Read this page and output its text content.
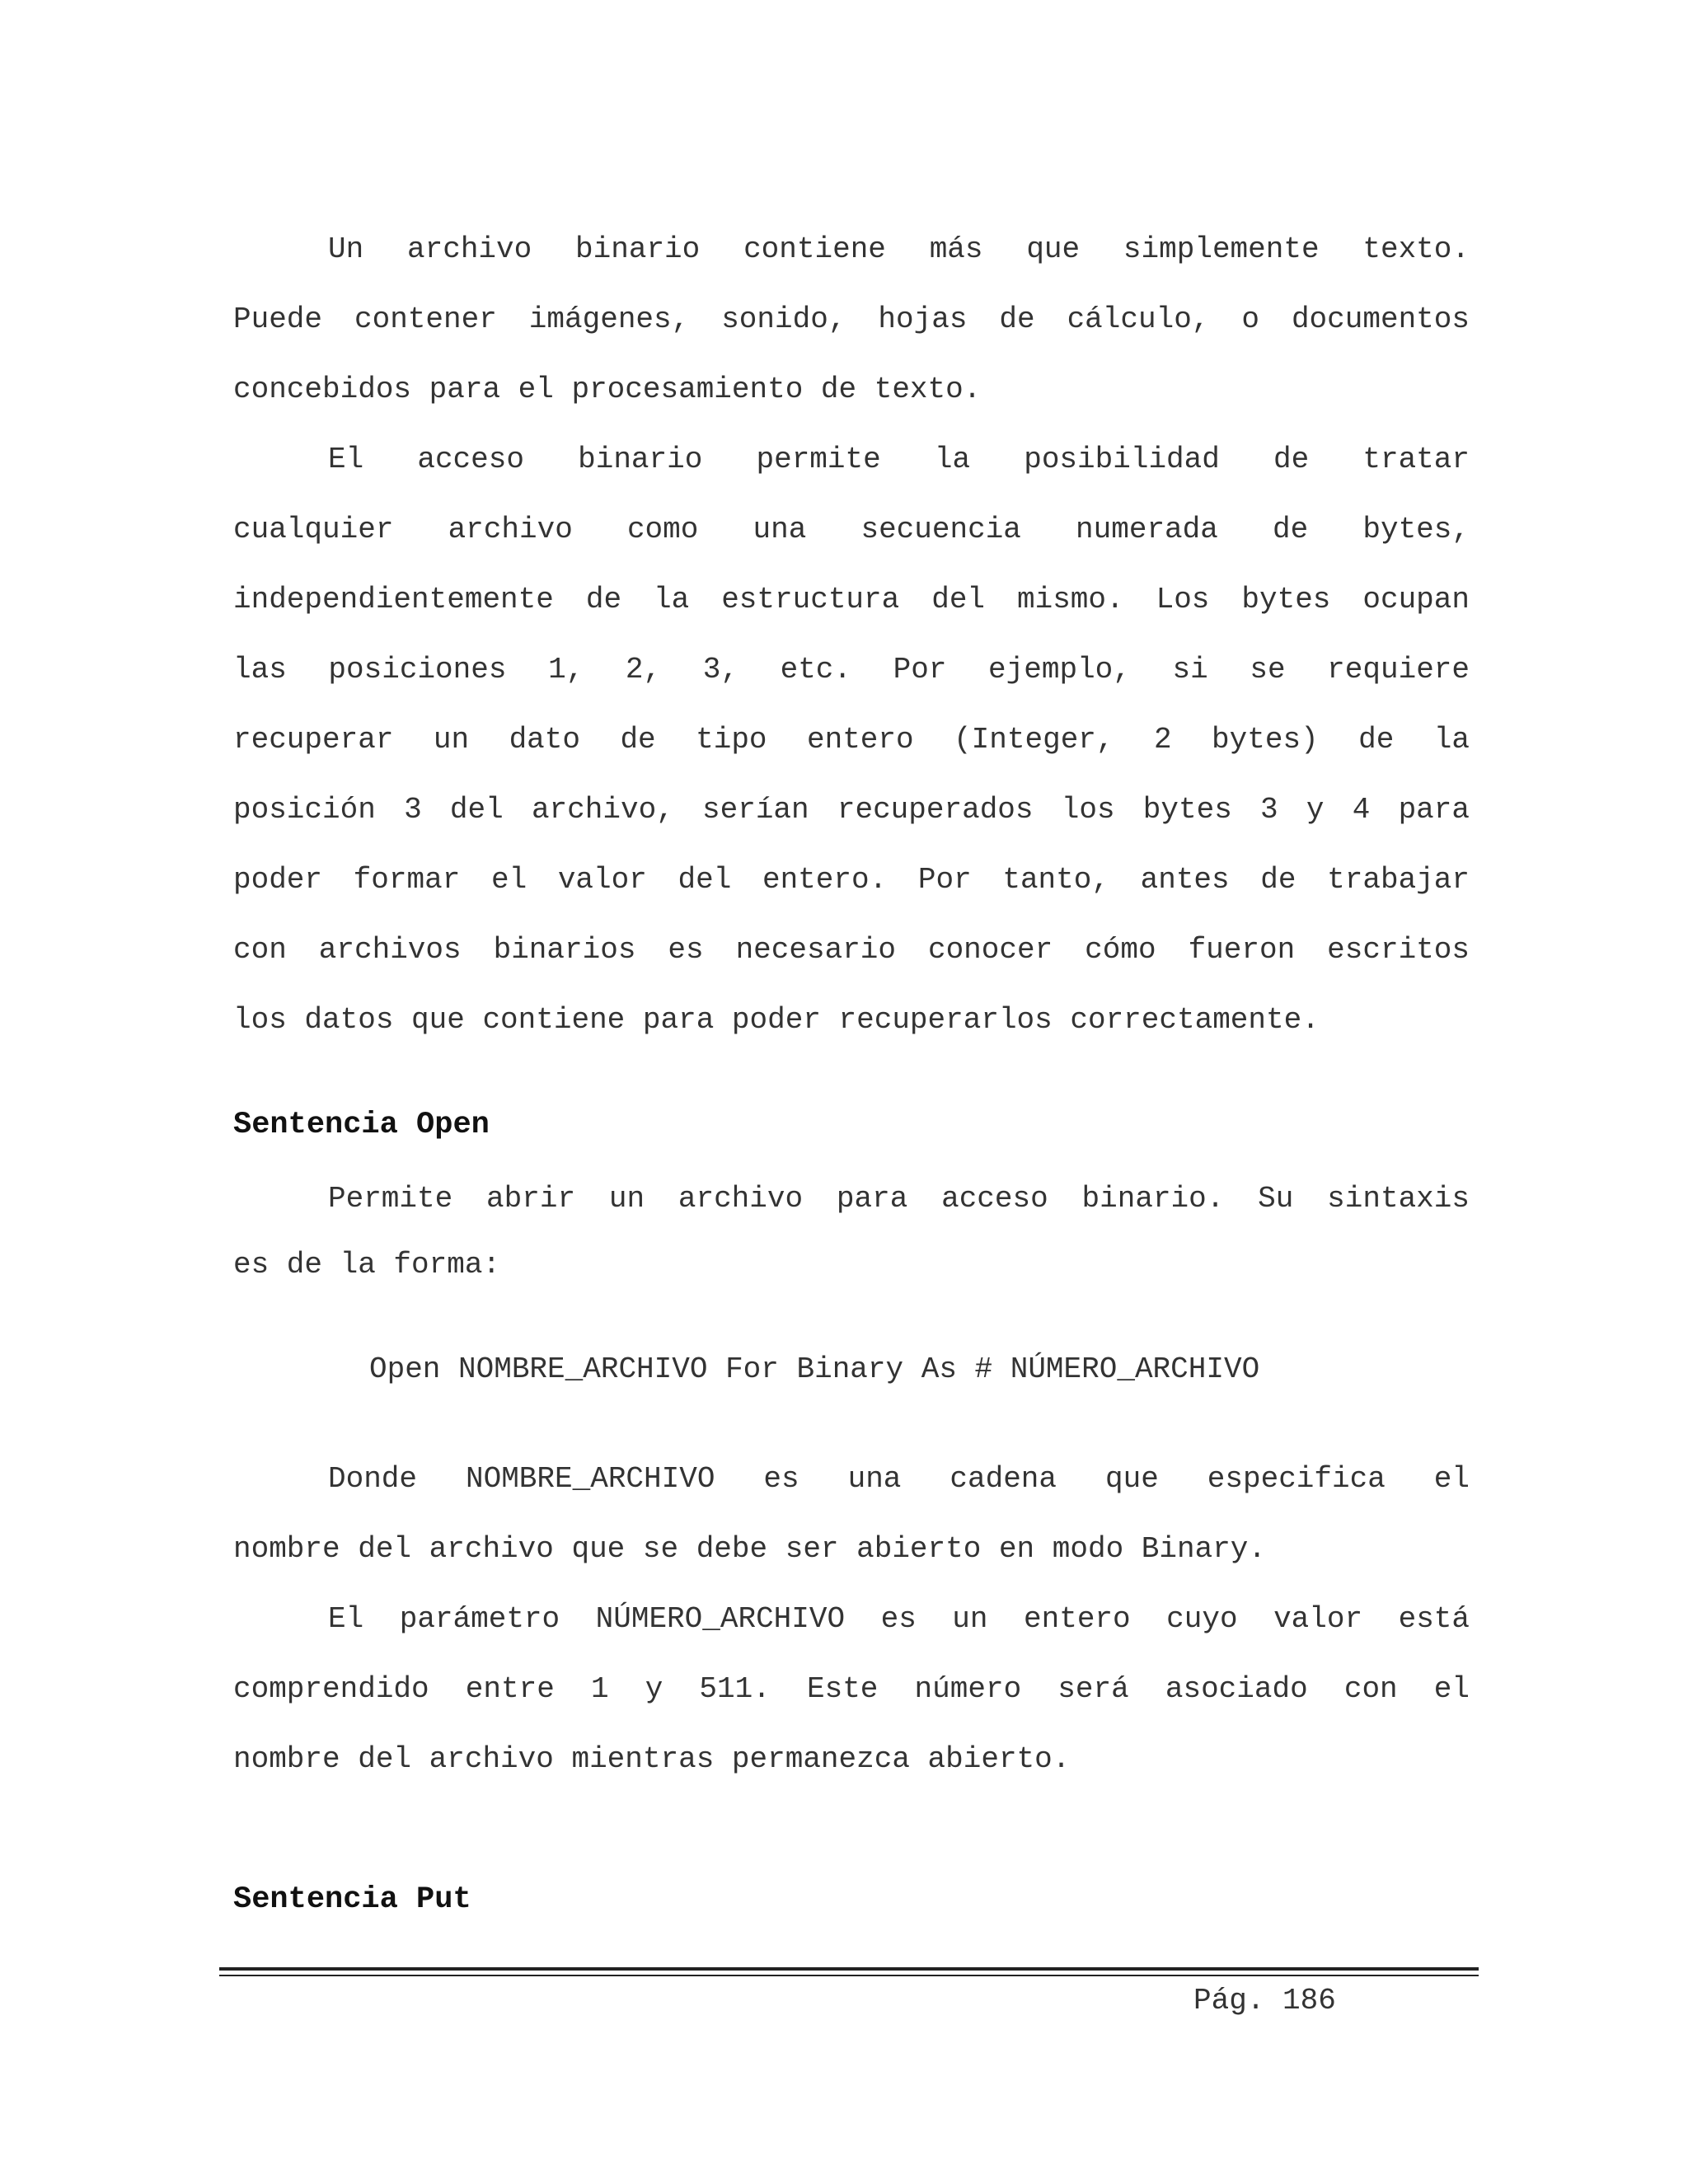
Un archivo binario contiene más que simplemente texto.

Puede contener imágenes, sonido, hojas de cálculo, o documentos

concebidos para el procesamiento de texto.

El acceso binario permite la posibilidad de tratar

cualquier archivo como una secuencia numerada de bytes,

independientemente de la estructura del mismo. Los bytes ocupan

las posiciones 1, 2, 3, etc. Por ejemplo, si se requiere

recuperar un dato de tipo entero (Integer, 2 bytes) de la

posición 3 del archivo, serían recuperados los bytes 3 y 4 para

poder formar el valor del entero. Por tanto, antes de trabajar

con archivos binarios es necesario conocer cómo fueron escritos

los datos que contiene para poder recuperarlos correctamente.

Sentencia Open

Permite abrir un archivo para acceso binario. Su sintaxis

es de la forma:

Open NOMBRE_ARCHIVO For Binary As # NÚMERO_ARCHIVO

Donde NOMBRE_ARCHIVO es una cadena que especifica el

nombre del archivo que se debe ser abierto en modo Binary.

El parámetro NÚMERO_ARCHIVO es un entero cuyo valor está

comprendido entre 1 y 511. Este número será asociado con el

nombre del archivo mientras permanezca abierto.

Sentencia Put

Pág. 186
